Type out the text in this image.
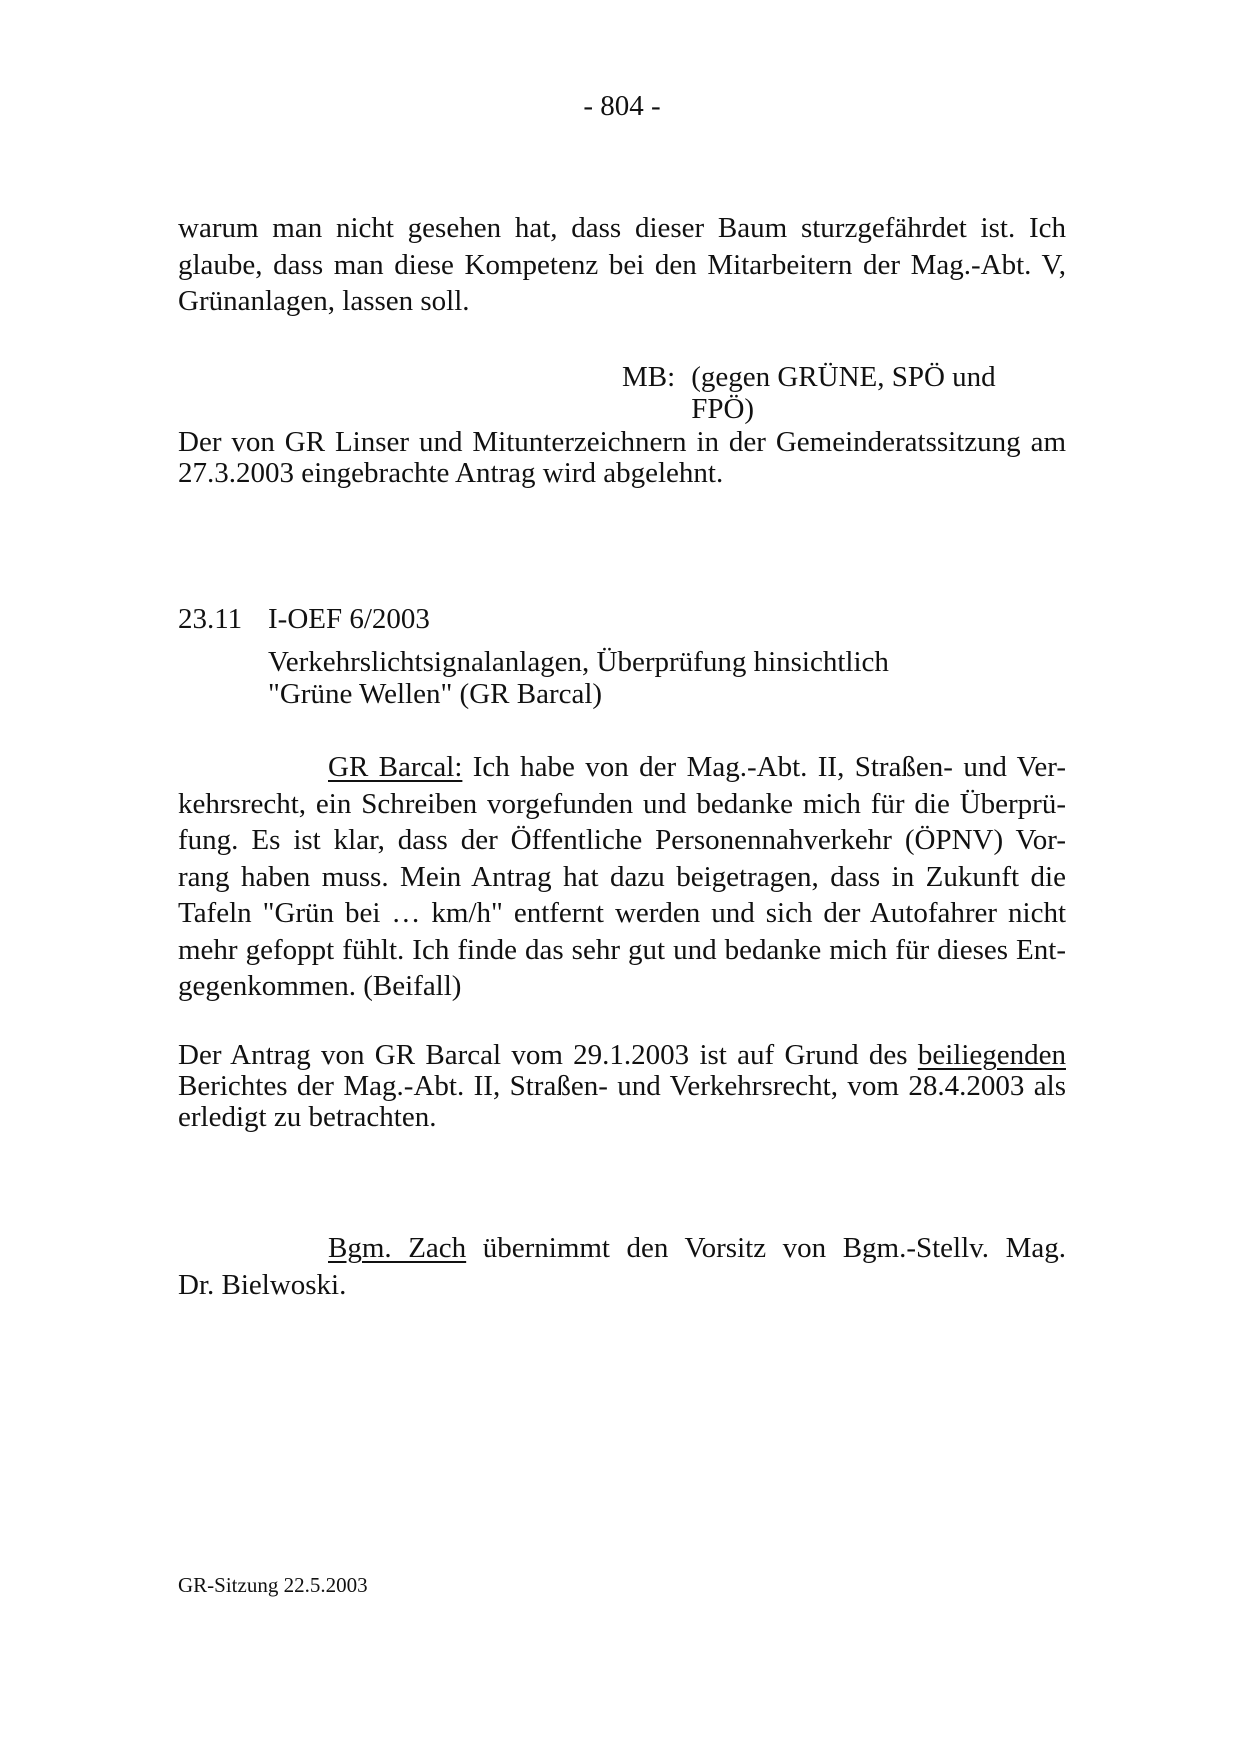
- 804 -
warum man nicht gesehen hat, dass dieser Baum sturzgefährdet ist. Ich
glaube, dass man diese Kompetenz bei den Mitarbeitern der Mag.-Abt. V,
Grünanlagen, lassen soll.
MB: (gegen GRÜNE, SPÖ und
FPÖ)
Der von GR Linser und Mitunterzeichnern in der Gemeinderatssitzung am
27.3.2003 eingebrachte Antrag wird abgelehnt.
23.11 I-OEF 6/2003
Verkehrslichtsignalanlagen, Überprüfung hinsichtlich
"Grüne Wellen" (GR Barcal)
GR Barcal: Ich habe von der Mag.-Abt. II, Straßen- und Ver-
kehrsrecht, ein Schreiben vorgefunden und bedanke mich für die Überprü-
fung. Es ist klar, dass der Öffentliche Personennahverkehr (ÖPNV) Vor-
rang haben muss. Mein Antrag hat dazu beigetragen, dass in Zukunft die
Tafeln "Grün bei … km/h" entfernt werden und sich der Autofahrer nicht
mehr gefoppt fühlt. Ich finde das sehr gut und bedanke mich für dieses Ent-
gegenkommen. (Beifall)
Der Antrag von GR Barcal vom 29.1.2003 ist auf Grund des beiliegenden
Berichtes der Mag.-Abt. II, Straßen- und Verkehrsrecht, vom 28.4.2003 als
erledigt zu betrachten.
Bgm. Zach übernimmt den Vorsitz von Bgm.-Stellv. Mag.
Dr. Bielwoski.
GR-Sitzung 22.5.2003
